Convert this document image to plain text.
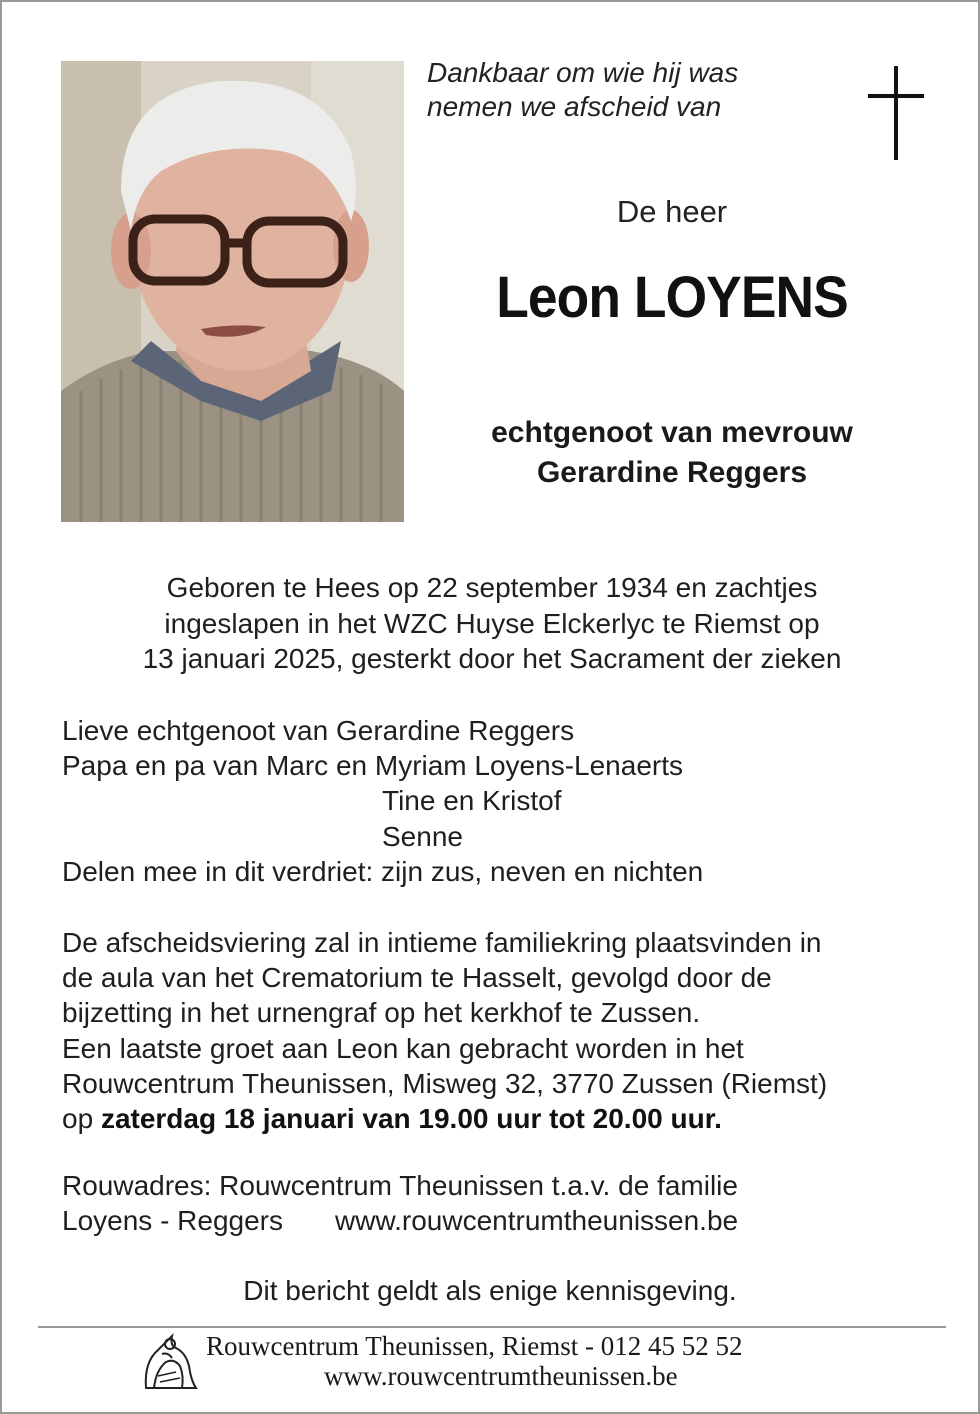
Dankbaar om wie hij was
nemen we afscheid van
De heer
Leon LOYENS
echtgenoot van mevrouw
Gerardine Reggers
Geboren te Hees op 22 september 1934 en zachtjes
ingeslapen in het WZC Huyse Elckerlyc te Riemst op
13 januari 2025, gesterkt door het Sacrament der zieken
Lieve echtgenoot van Gerardine Reggers
Papa en pa van Marc en Myriam Loyens-Lenaerts
Tine en Kristof
Senne
Delen mee in dit verdriet: zijn zus, neven en nichten
De afscheidsviering zal in intieme familiekring plaatsvinden in
de aula van het Crematorium te Hasselt, gevolgd door de
bijzetting in het urnengraf op het kerkhof te Zussen.
Een laatste groet aan Leon kan gebracht worden in het
Rouwcentrum Theunissen, Misweg 32, 3770 Zussen (Riemst)
op zaterdag 18 januari van 19.00 uur tot 20.00 uur.
Rouwadres: Rouwcentrum Theunissen t.a.v. de familie
Loyens - Reggers www.rouwcentrumtheunissen.be
Dit bericht geldt als enige kennisgeving.
Rouwcentrum Theunissen, Riemst - 012 45 52 52
www.rouwcentrumtheunissen.be
